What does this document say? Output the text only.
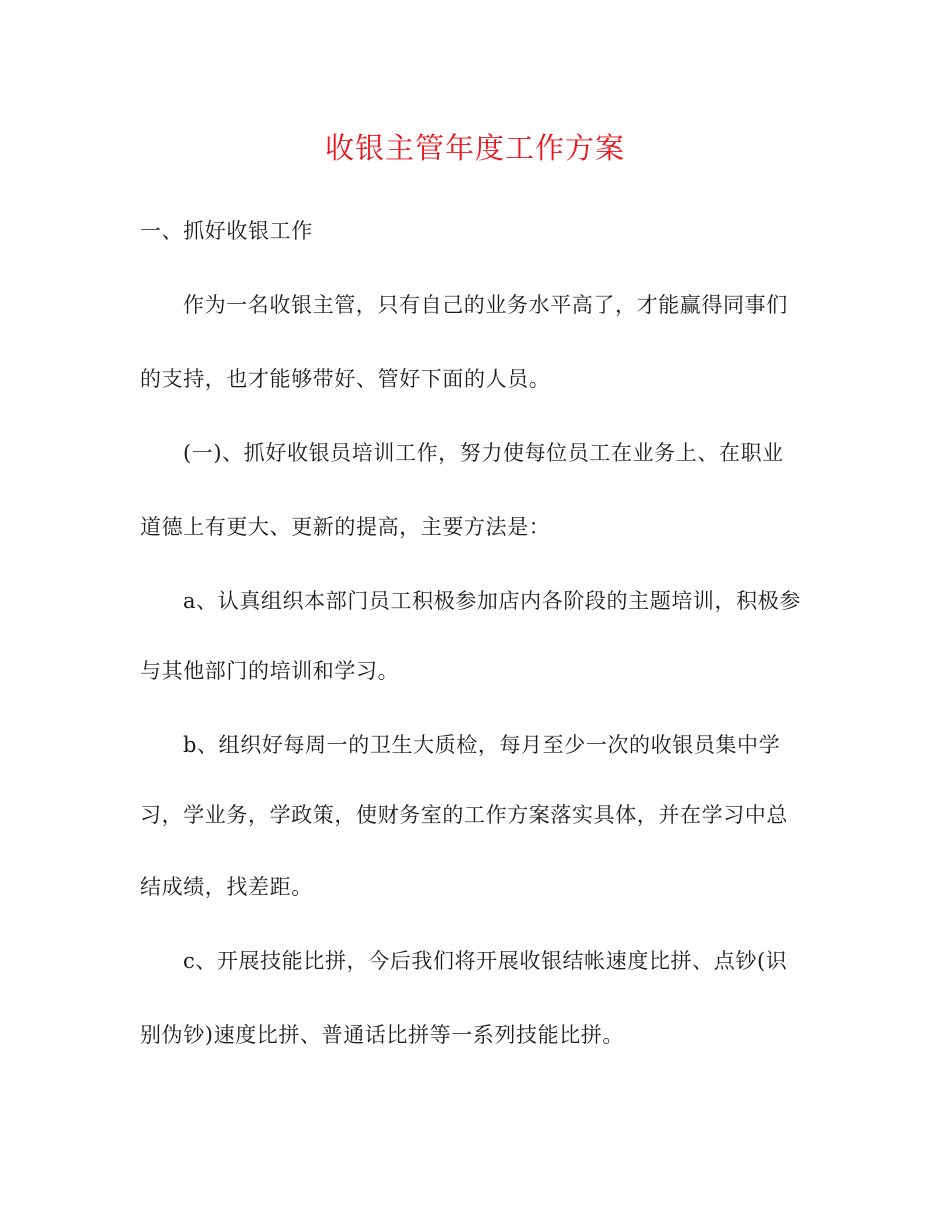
收银主管年度工作方案
一、抓好收银工作
作为一名收银主管，只有自己的业务水平高了，才能赢得同事们
的支持，也才能够带好、管好下面的人员。
(一)、抓好收银员培训工作，努力使每位员工在业务上、在职业
道德上有更大、更新的提高，主要方法是：
a、认真组织本部门员工积极参加店内各阶段的主题培训，积极参
与其他部门的培训和学习。
b、组织好每周一的卫生大质检，每月至少一次的收银员集中学
习，学业务，学政策，使财务室的工作方案落实具体，并在学习中总
结成绩，找差距。
c、开展技能比拼，今后我们将开展收银结帐速度比拼、点钞(识
别伪钞)速度比拼、普通话比拼等一系列技能比拼。
